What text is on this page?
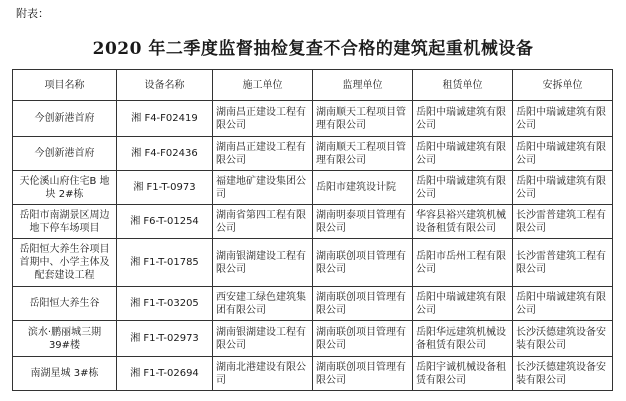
附表：
2020 年二季度监督抽检复查不合格的建筑起重机械设备
项目名称	设备名称	施工单位	监理单位	租赁单位	安拆单位
今创新港首府	湘 F4-F02419	湖南昌正建设工程有限公司	湖南顺天工程项目管理有限公司	岳阳中瑞诚建筑有限公司	岳阳中瑞诚建筑有限公司
今创新港首府	湘 F4-F02436	湖南昌正建设工程有限公司	湖南顺天工程项目管理有限公司	岳阳中瑞诚建筑有限公司	岳阳中瑞诚建筑有限公司
天伦溪山府住宅B 地块 2#栋	湘 F1-T-0973	福建地矿建设集团公司	岳阳市建筑设计院	岳阳中瑞诚建筑有限公司	岳阳中瑞诚建筑有限公司
岳阳市南湖景区周边地下停车场项目	湘 F6-T-01254	湖南省第四工程有限公司	湖南明泰项目管理有限公司	华容县裕兴建筑机械设备租赁有限公司	长沙雷普建筑工程有限公司
岳阳恒大养生谷项目首期中、小学主体及配套建设工程	湘 F1-T-01785	湖南银湖建设工程有限公司	湖南联创项目管理有限公司	岳阳市岳州工程有限公司	长沙雷普建筑工程有限公司
岳阳恒大养生谷	湘 F1-T-03205	西安建工绿色建筑集团有限公司	湖南联创项目管理有限公司	岳阳中瑞诚建筑有限公司	岳阳中瑞诚建筑有限公司
滨水·鹏丽城三期 39#楼	湘 F1-T-02973	湖南银湖建设工程有限公司	湖南联创项目管理有限公司	岳阳华远建筑机械设备租赁有限公司	长沙沃德建筑设备安装有限公司
南湖星城 3#栋	湘 F1-T-02694	湖南北港建设有限公司	湖南联创项目管理有限公司	岳阳宇诚机械设备租赁有限公司	长沙沃德建筑设备安装有限公司
